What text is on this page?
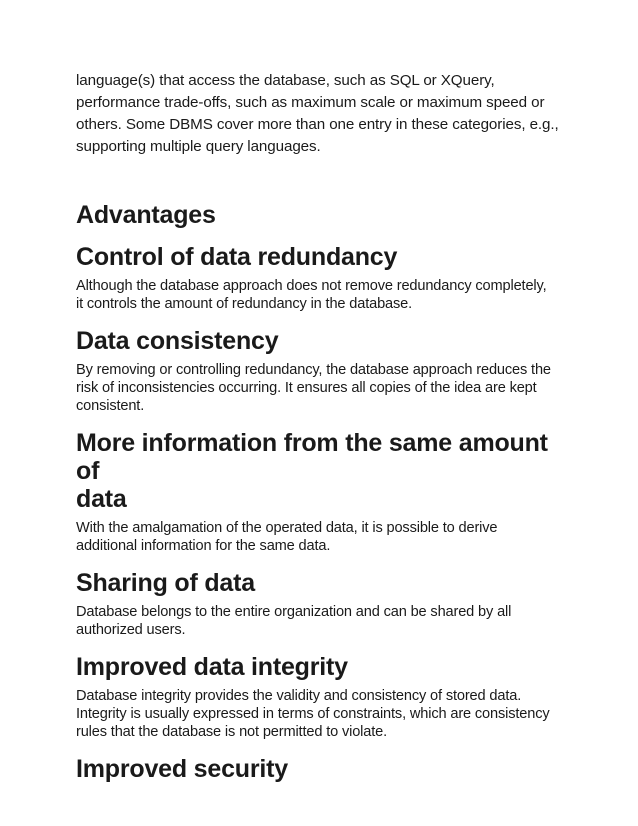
language(s) that access the database, such as SQL or XQuery,

performance trade-offs, such as maximum scale or maximum speed or

others. Some DBMS cover more than one entry in these categories, e.g.,

supporting multiple query languages.

Advantages
Control of data redundancy

Although the database approach does not remove redundancy completely,
it controls the amount of redundancy in the database.

Data consistency

By removing or controlling redundancy, the database approach reduces the
risk of inconsistencies occurring. It ensures all copies of the idea are kept
consistent.

More information from the same amount of
data

With the amalgamation of the operated data, it is possible to derive
additional information for the same data.

Sharing of data

Database belongs to the entire organization and can be shared by all
authorized users.

Improved data integrity

Database integrity provides the validity and consistency of stored data.
Integrity is usually expressed in terms of constraints, which are consistency
rules that the database is not permitted to violate.

Improved security
